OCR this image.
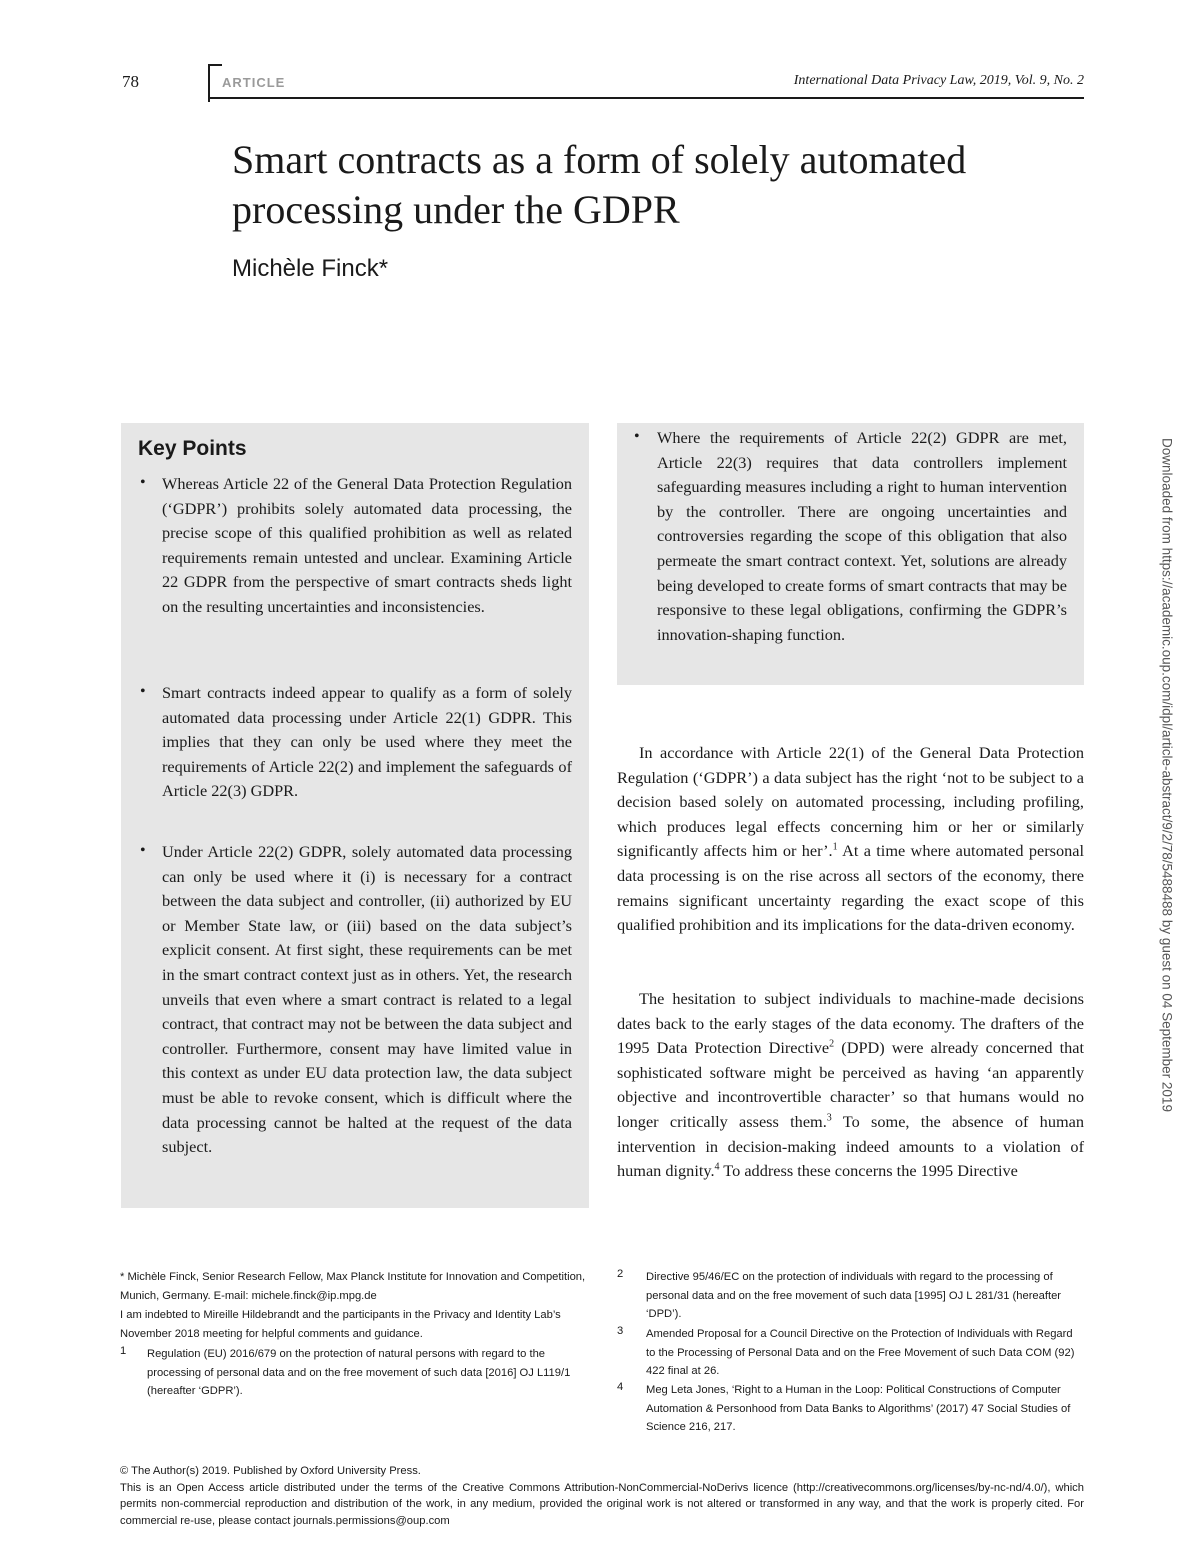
78	ARTICLE	International Data Privacy Law, 2019, Vol. 9, No. 2
Smart contracts as a form of solely automated processing under the GDPR
Michèle Finck*
Key Points
• Whereas Article 22 of the General Data Protection Regulation (‘GDPR’) prohibits solely automated data processing, the precise scope of this qualified prohibition as well as related requirements remain untested and unclear. Examining Article 22 GDPR from the perspective of smart contracts sheds light on the resulting uncertainties and inconsistencies.
• Smart contracts indeed appear to qualify as a form of solely automated data processing under Article 22(1) GDPR. This implies that they can only be used where they meet the requirements of Article 22(2) and implement the safeguards of Article 22(3) GDPR.
• Under Article 22(2) GDPR, solely automated data processing can only be used where it (i) is necessary for a contract between the data subject and controller, (ii) authorized by EU or Member State law, or (iii) based on the data subject’s explicit consent. At first sight, these requirements can be met in the smart contract context just as in others. Yet, the research unveils that even where a smart contract is related to a legal contract, that contract may not be between the data subject and controller. Furthermore, consent may have limited value in this context as under EU data protection law, the data subject must be able to revoke consent, which is difficult where the data processing cannot be halted at the request of the data subject.
• Where the requirements of Article 22(2) GDPR are met, Article 22(3) requires that data controllers implement safeguarding measures including a right to human intervention by the controller. There are ongoing uncertainties and controversies regarding the scope of this obligation that also permeate the smart contract context. Yet, solutions are already being developed to create forms of smart contracts that may be responsive to these legal obligations, confirming the GDPR’s innovation-shaping function.
In accordance with Article 22(1) of the General Data Protection Regulation (‘GDPR’) a data subject has the right ‘not to be subject to a decision based solely on automated processing, including profiling, which produces legal effects concerning him or her or similarly significantly affects him or her’.$^1$ At a time where automated personal data processing is on the rise across all sectors of the economy, there remains significant uncertainty regarding the exact scope of this qualified prohibition and its implications for the data-driven economy.
The hesitation to subject individuals to machine-made decisions dates back to the early stages of the data economy. The drafters of the 1995 Data Protection Directive$^2$ (DPD) were already concerned that sophisticated software might be perceived as having ‘an apparently objective and incontrovertible character’ so that humans would no longer critically assess them.$^3$ To some, the absence of human intervention in decision-making indeed amounts to a violation of human dignity.$^4$ To address these concerns the 1995 Directive
* Michèle Finck, Senior Research Fellow, Max Planck Institute for Innovation and Competition, Munich, Germany. E-mail: michele.finck@ip.mpg.de
I am indebted to Mireille Hildebrandt and the participants in the Privacy and Identity Lab’s November 2018 meeting for helpful comments and guidance.
1 Regulation (EU) 2016/679 on the protection of natural persons with regard to the processing of personal data and on the free movement of such data [2016] OJ L119/1 (hereafter ‘GDPR’).
2 Directive 95/46/EC on the protection of individuals with regard to the processing of personal data and on the free movement of such data [1995] OJ L 281/31 (hereafter ‘DPD’).
3 Amended Proposal for a Council Directive on the Protection of Individuals with Regard to the Processing of Personal Data and on the Free Movement of such Data COM (92) 422 final at 26.
4 Meg Leta Jones, ‘Right to a Human in the Loop: Political Constructions of Computer Automation & Personhood from Data Banks to Algorithms’ (2017) 47 Social Studies of Science 216, 217.
© The Author(s) 2019. Published by Oxford University Press.
This is an Open Access article distributed under the terms of the Creative Commons Attribution-NonCommercial-NoDerivs licence (http://creativecommons.org/licenses/by-nc-nd/4.0/), which permits non-commercial reproduction and distribution of the work, in any medium, provided the original work is not altered or transformed in any way, and that the work is properly cited. For commercial re-use, please contact journals.permissions@oup.com
Downloaded from https://academic.oup.com/idpl/article-abstract/9/2/78/5488488 by guest on 04 September 2019
